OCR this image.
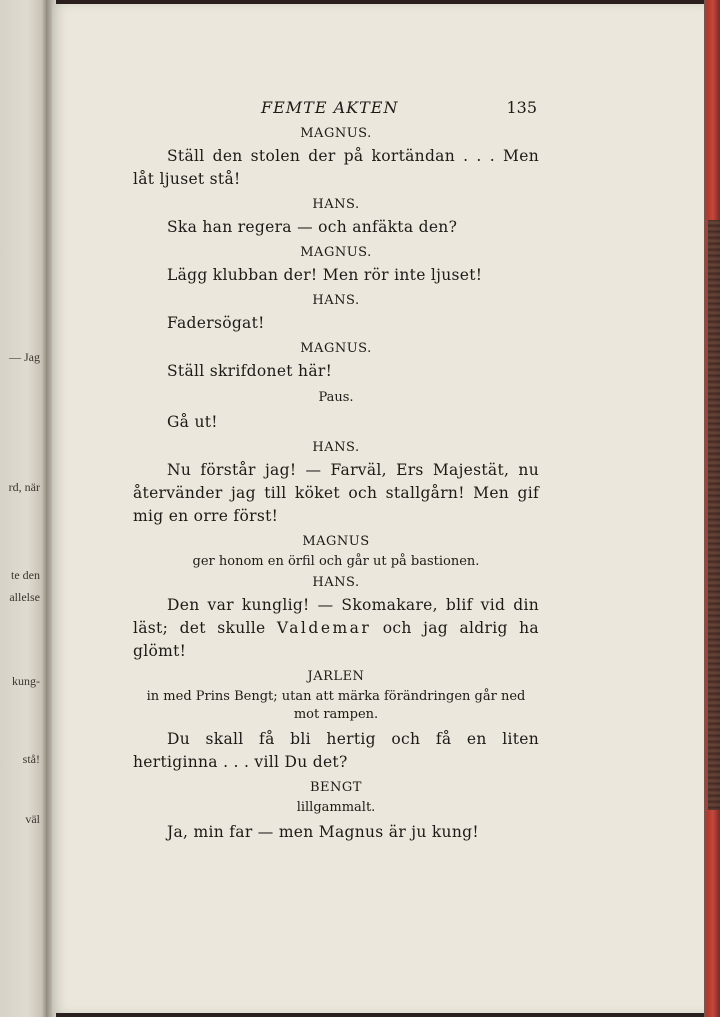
— Jag
rd, när
te den
allelse
kung-
stå!
väl
FEMTE AKTEN	135
MAGNUS.

Ställ den stolen der på kortändan . . . Men låt ljuset stå!

HANS.

Ska han regera — och anfäkta den?

MAGNUS.

Lägg klubban der! Men rör inte ljuset!

HANS.

Fadersögat!

MAGNUS.

Ställ skrifdonet här!

Paus.

Gå ut!

HANS.

Nu förstår jag! — Farväl, Ers Majestät, nu återvänder jag till köket och stallgårn! Men gif mig en orre först!

MAGNUS
ger honom en örfil och går ut på bastionen.
HANS.

Den var kunglig! — Skomakare, blif vid din läst; det skulle Valdemar och jag aldrig ha glömt!

JARLEN
in med Prins Bengt; utan att märka förändringen går ned mot rampen.

Du skall få bli hertig och få en liten hertiginna . . . vill Du det?

BENGT
lillgammalt.

Ja, min far — men Magnus är ju kung!
